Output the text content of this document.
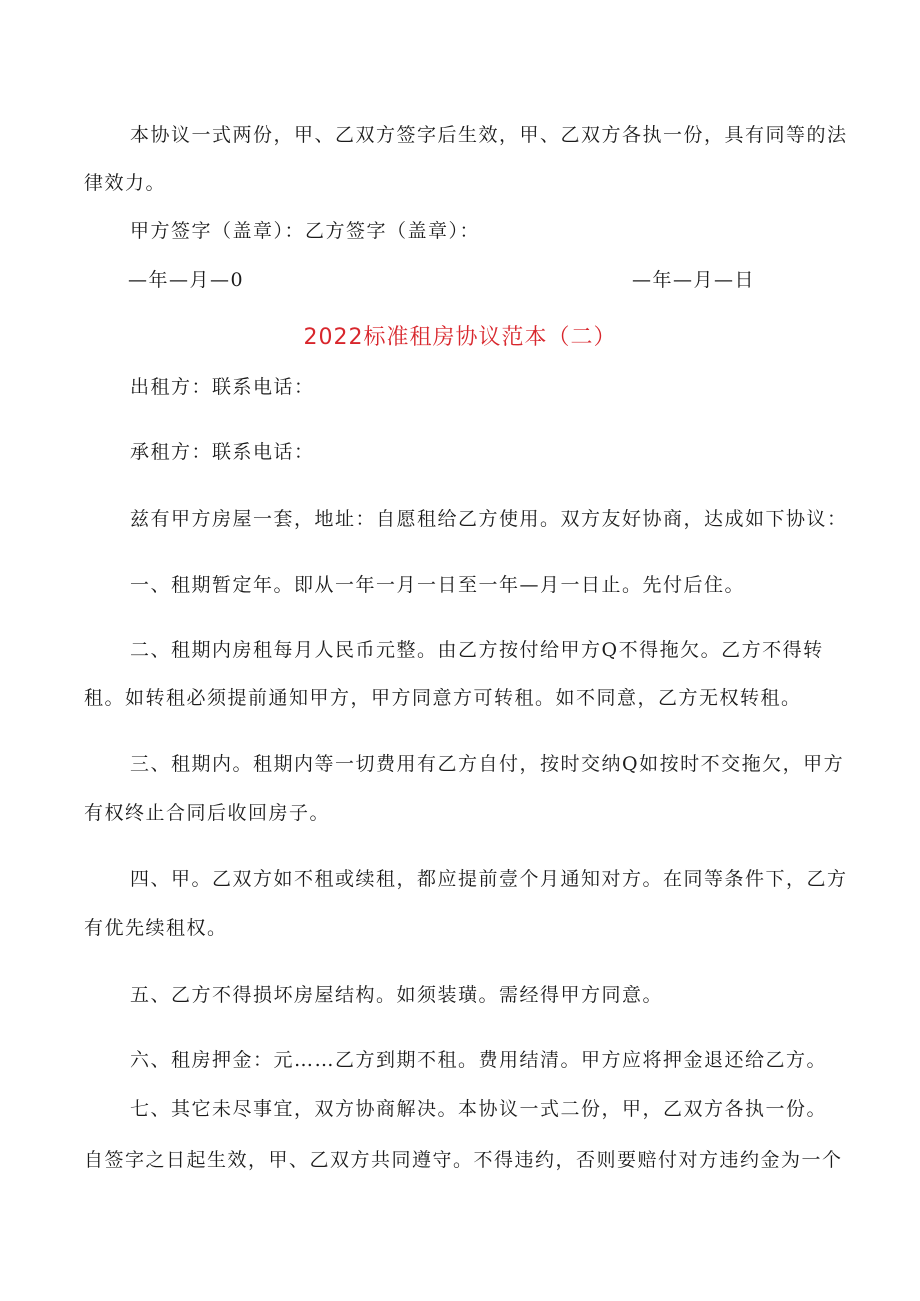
本协议一式两份，甲、乙双方签字后生效，甲、乙双方各执一份，具有同等的法
律效力。
甲方签字（盖章）：乙方签字（盖章）：
—年—月—0	—年—月—日
2022标准租房协议范本（二）
出租方：联系电话：
承租方：联系电话：
兹有甲方房屋一套，地址：自愿租给乙方使用。双方友好协商，达成如下协议：
一、租期暂定年。即从一年一月一日至一年—月一日止。先付后住。
二、租期内房租每月人民币元整。由乙方按付给甲方Q不得拖欠。乙方不得转
租。如转租必须提前通知甲方，甲方同意方可转租。如不同意，乙方无权转租。
三、租期内。租期内等一切费用有乙方自付，按时交纳Q如按时不交拖欠，甲方
有权终止合同后收回房子。
四、甲。乙双方如不租或续租，都应提前壹个月通知对方。在同等条件下，乙方
有优先续租权。
五、乙方不得损坏房屋结构。如须装璜。需经得甲方同意。
六、租房押金：元……乙方到期不租。费用结清。甲方应将押金退还给乙方。
七、其它未尽事宜，双方协商解决。本协议一式二份，甲，乙双方各执一份。
自签字之日起生效，甲、乙双方共同遵守。不得违约，否则要赔付对方违约金为一个
